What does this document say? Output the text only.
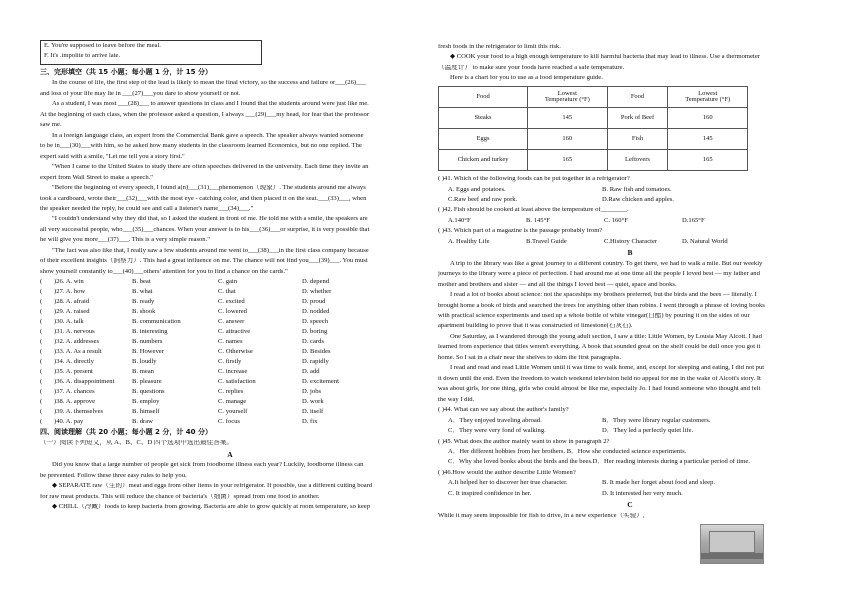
E. You're supposed to leave before the meal.

F. It's .impolite to arrive late.

三、完形填空（共 15 小题；每小题 1 分，计 15 分）

In the course of life, the first step of the lead is likely to mean the final victory, so the success and failure or___(26)___

and loss of your life may lie in ___(27)___you dare to show yourself or not.

As a student, I was most ___(28)___ to answer questions in class and I found that the students around were just like me.

At the beginning of each class, when the professor asked a question, I always ___(29)___my head, for fear that the professor

saw me.

In a foreign language class, an expert from the Commercial Bank gave a speech. The speaker always wanted someone

to be in___(30)___with him, so he asked how many students in the classroom learned Economics, but no one replied. The

expert said with a smile, "Let me tell you a story first."

"When I came to the United States to study there are often speeches delivered in the university. Each time they invite an

expert from Wall Street to make a speech."

"Before the beginning of every speech, I found a(n)___(31)___phenomenon（现象）. The students around me always

took a cardboard, wrote their___(32)___with the most eye - catching color, and then placed it on the seat.___(33)___, when

the speaker needed the reply, he could see and call a listener's name___(34)___."

"I couldn't understand why they did that, so I asked the student in front of me. He told me with a smile, the speakers are

all very successful people, who___(35)___chances. When your answer is to his___(36)___or surprise, it is very possible that

he will give you more___(37)___. This is a very simple reason."

"The fact was also like that, I really saw a few students around me went to___(38)___in the first class company because

of their excellent insights（洞察力）. This had a great influence on me. The chance will not find you___(39)___. You must

show yourself constantly to___(40)___others' attention for you to find a chance on the cards."

(	)26. A. win	B. beat	C. gain	D. depend
(	)27. A. how	B. what	C. that	D. whether
(	)28. A. afraid	B. ready	C. excited	D. proud
(	)29. A. raised	B. shook	C. lowered	D. nodded
(	)30. A. talk	B. communication	C. answer	D. speech
(	)31. A. nervous	B. interesting	C. attractive	D. boring
(	)32. A. addresses	B. numbers	C. names	D. cards
(	)33. A. As a result	B. However	C. Otherwise	D. Besides
(	)34. A. directly	B. loudly	C. firstly	D. rapidly
(	)35. A. present	B. mean	C. increase	D. add
(	)36. A. disappointment	B. pleasure	C. satisfaction	D. excitement
(	)37. A. chances	B. questions	C. replies	D. jobs
(	)38. A. approve	B. employ	C. manage	D. work
(	)39. A. themselves	B. himself	C. yourself	D. itself
(	)40. A. pay	B. draw	C. focus	D. fix

四、阅读理解（共 20 小题；每小题 2 分，计 40 分）

（一）阅读下列短文，从 A、B、C、D 四个选项中选出最佳答案。

A

Did you know that a large number of people get sick from foodborne illness each year? Luckily, foodborne illness can

be prevented. Follow these three easy rules to help you.

◆ SEPARATE raw（生的）meat and eggs from other items in your refrigerator. If possible, use a different cutting board

for raw meat products. This will reduce the chance of bacteria's（细菌）spread from one food to another.

◆ CHILL（冷藏）foods to keep bacteria from growing. Bacteria are able to grow quickly at room temperature, so keep

fresh foods in the refrigerator to limit this risk.

◆ COOK your food to a high enough temperature to kill harmful bacteria that may lead to illness. Use a thermometer

（温度计） to make sure your foods have reached a safe temperature.

Here is a chart for you to use as a food temperature guide.

Food	Lowest
Temperature (°F)	Food	Lowest
Temperature (°F)
Steaks	145	Pork of Beef	160
Eggs	160	Fish	145
Chicken and turkey	165	Leftovers	165

( )41. Which of the following foods can be put together in a refrigerator?

A. Eggs and potatoes.	B. Raw fish and tomatoes.
C.Raw beef and raw pork.	D.Raw chicken and apples.

( )42. Fish should be cooked at least above the temperature of________.

A.140°F	B. 145°F	C. 160°F	D.165°F

( )43. Which part of a magazine is the passage probably from?

A. Healthy Life	B.Travel Guide	C.History Character	D. Natural World

B

A trip to the library was like a great journey to a different country. To get there, we had to walk a mile. But our weekly

journeys to the library were a piece of perfection. I had around me at one time all the people I loved best — my father and

mother and brothers and sister — and all the things I loved best — quiet, space and books.

I read a lot of books about science: not the spaceships my brothers preferred, but the birds and the bees — literally. I

brought home a book of birds and searched the trees for anything other than robins. I went through a phrase of loving books

with practical science experiments and used up a whole bottle of white vinegar(白醋) by pouring it on the sides of our

apartment building to prove that it was constructed of limestone(石灰石).

One Saturday, as I wandered through the young adult section, I saw a title: Little Women, by Lousia May Alcott. I had

learned from experience that titles weren't everything. A book that sounded great on the shelf could be dull once you got it

home. So I sat in a chair near the shelves to skim the first paragraphs.

I read and read and read Little Women until it was time to walk home, and, except for sleeping and eating, I did not put

it down until the end. Even the freedom to watch weekend television held no appeal for me in the wake of Alcott's story. It

was about girls, for one thing, girls who could almost be like me, especially Jo. I had found someone who thought and felt

the way I did.

( )44. What can we say about the author's family?

A．They enjoyed traveling abroad.	B．They were library regular customers.
C．They were very fond of walking.	D．They led a perfectly quiet life.

( )45. What does the author mainly want to show in paragraph 2?

A．Her different hobbies from her brothers. B．How she conducted science experiments.
C．Why she loved books about the birds and the bees.D．Her reading interests during a particular period of time.

( )46.How would the author describe Little Women?

A.It helped her to discover her true character.	B. It made her forget about food and sleep.
C. It inspired confidence in her.	D. It interested her very much.

C

While it may seem impossible for fish to drive, in a new experience（实验）,
